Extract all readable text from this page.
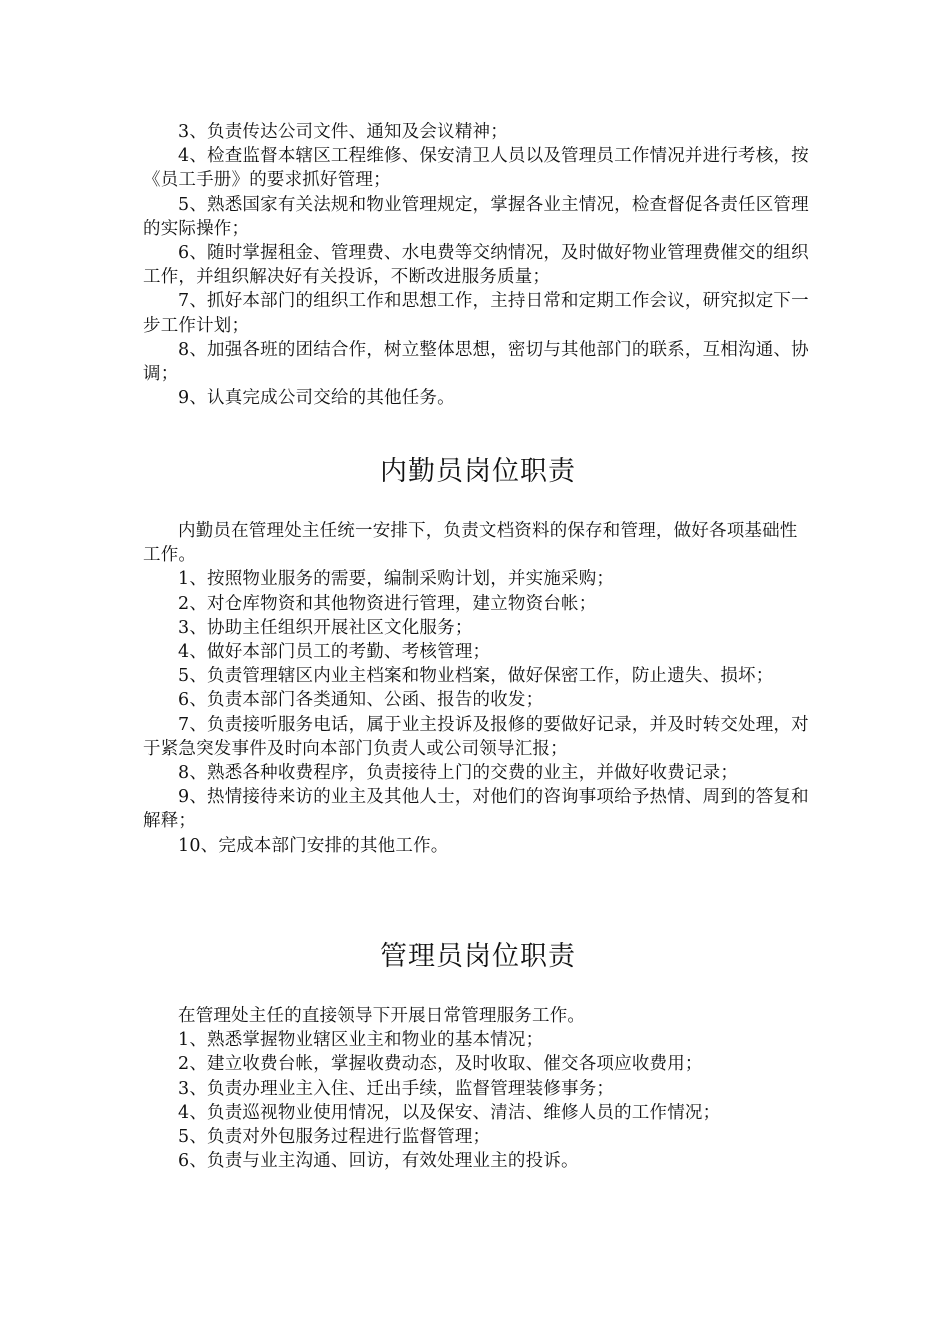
3、负责传达公司文件、通知及会议精神；

4、检查监督本辖区工程维修、保安清卫人员以及管理员工作情况并进行考核，按《员工手册》的要求抓好管理；

5、熟悉国家有关法规和物业管理规定，掌握各业主情况，检查督促各责任区管理的实际操作；

6、随时掌握租金、管理费、水电费等交纳情况，及时做好物业管理费催交的组织工作，并组织解决好有关投诉，不断改进服务质量；

7、抓好本部门的组织工作和思想工作，主持日常和定期工作会议，研究拟定下一步工作计划；

8、加强各班的团结合作，树立整体思想，密切与其他部门的联系，互相沟通、协调；

9、认真完成公司交给的其他任务。

内勤员岗位职责

内勤员在管理处主任统一安排下，负责文档资料的保存和管理，做好各项基础性工作。

1、按照物业服务的需要，编制采购计划，并实施采购；

2、对仓库物资和其他物资进行管理，建立物资台帐；

3、协助主任组织开展社区文化服务；

4、做好本部门员工的考勤、考核管理；

5、负责管理辖区内业主档案和物业档案，做好保密工作，防止遗失、损坏；

6、负责本部门各类通知、公函、报告的收发；

7、负责接听服务电话，属于业主投诉及报修的要做好记录，并及时转交处理，对于紧急突发事件及时向本部门负责人或公司领导汇报；

8、熟悉各种收费程序，负责接待上门的交费的业主，并做好收费记录；

9、热情接待来访的业主及其他人士，对他们的咨询事项给予热情、周到的答复和解释；

10、完成本部门安排的其他工作。

管理员岗位职责

在管理处主任的直接领导下开展日常管理服务工作。

1、熟悉掌握物业辖区业主和物业的基本情况；

2、建立收费台帐，掌握收费动态，及时收取、催交各项应收费用；

3、负责办理业主入住、迁出手续，监督管理装修事务；

4、负责巡视物业使用情况，以及保安、清洁、维修人员的工作情况；

5、负责对外包服务过程进行监督管理；

6、负责与业主沟通、回访，有效处理业主的投诉。
